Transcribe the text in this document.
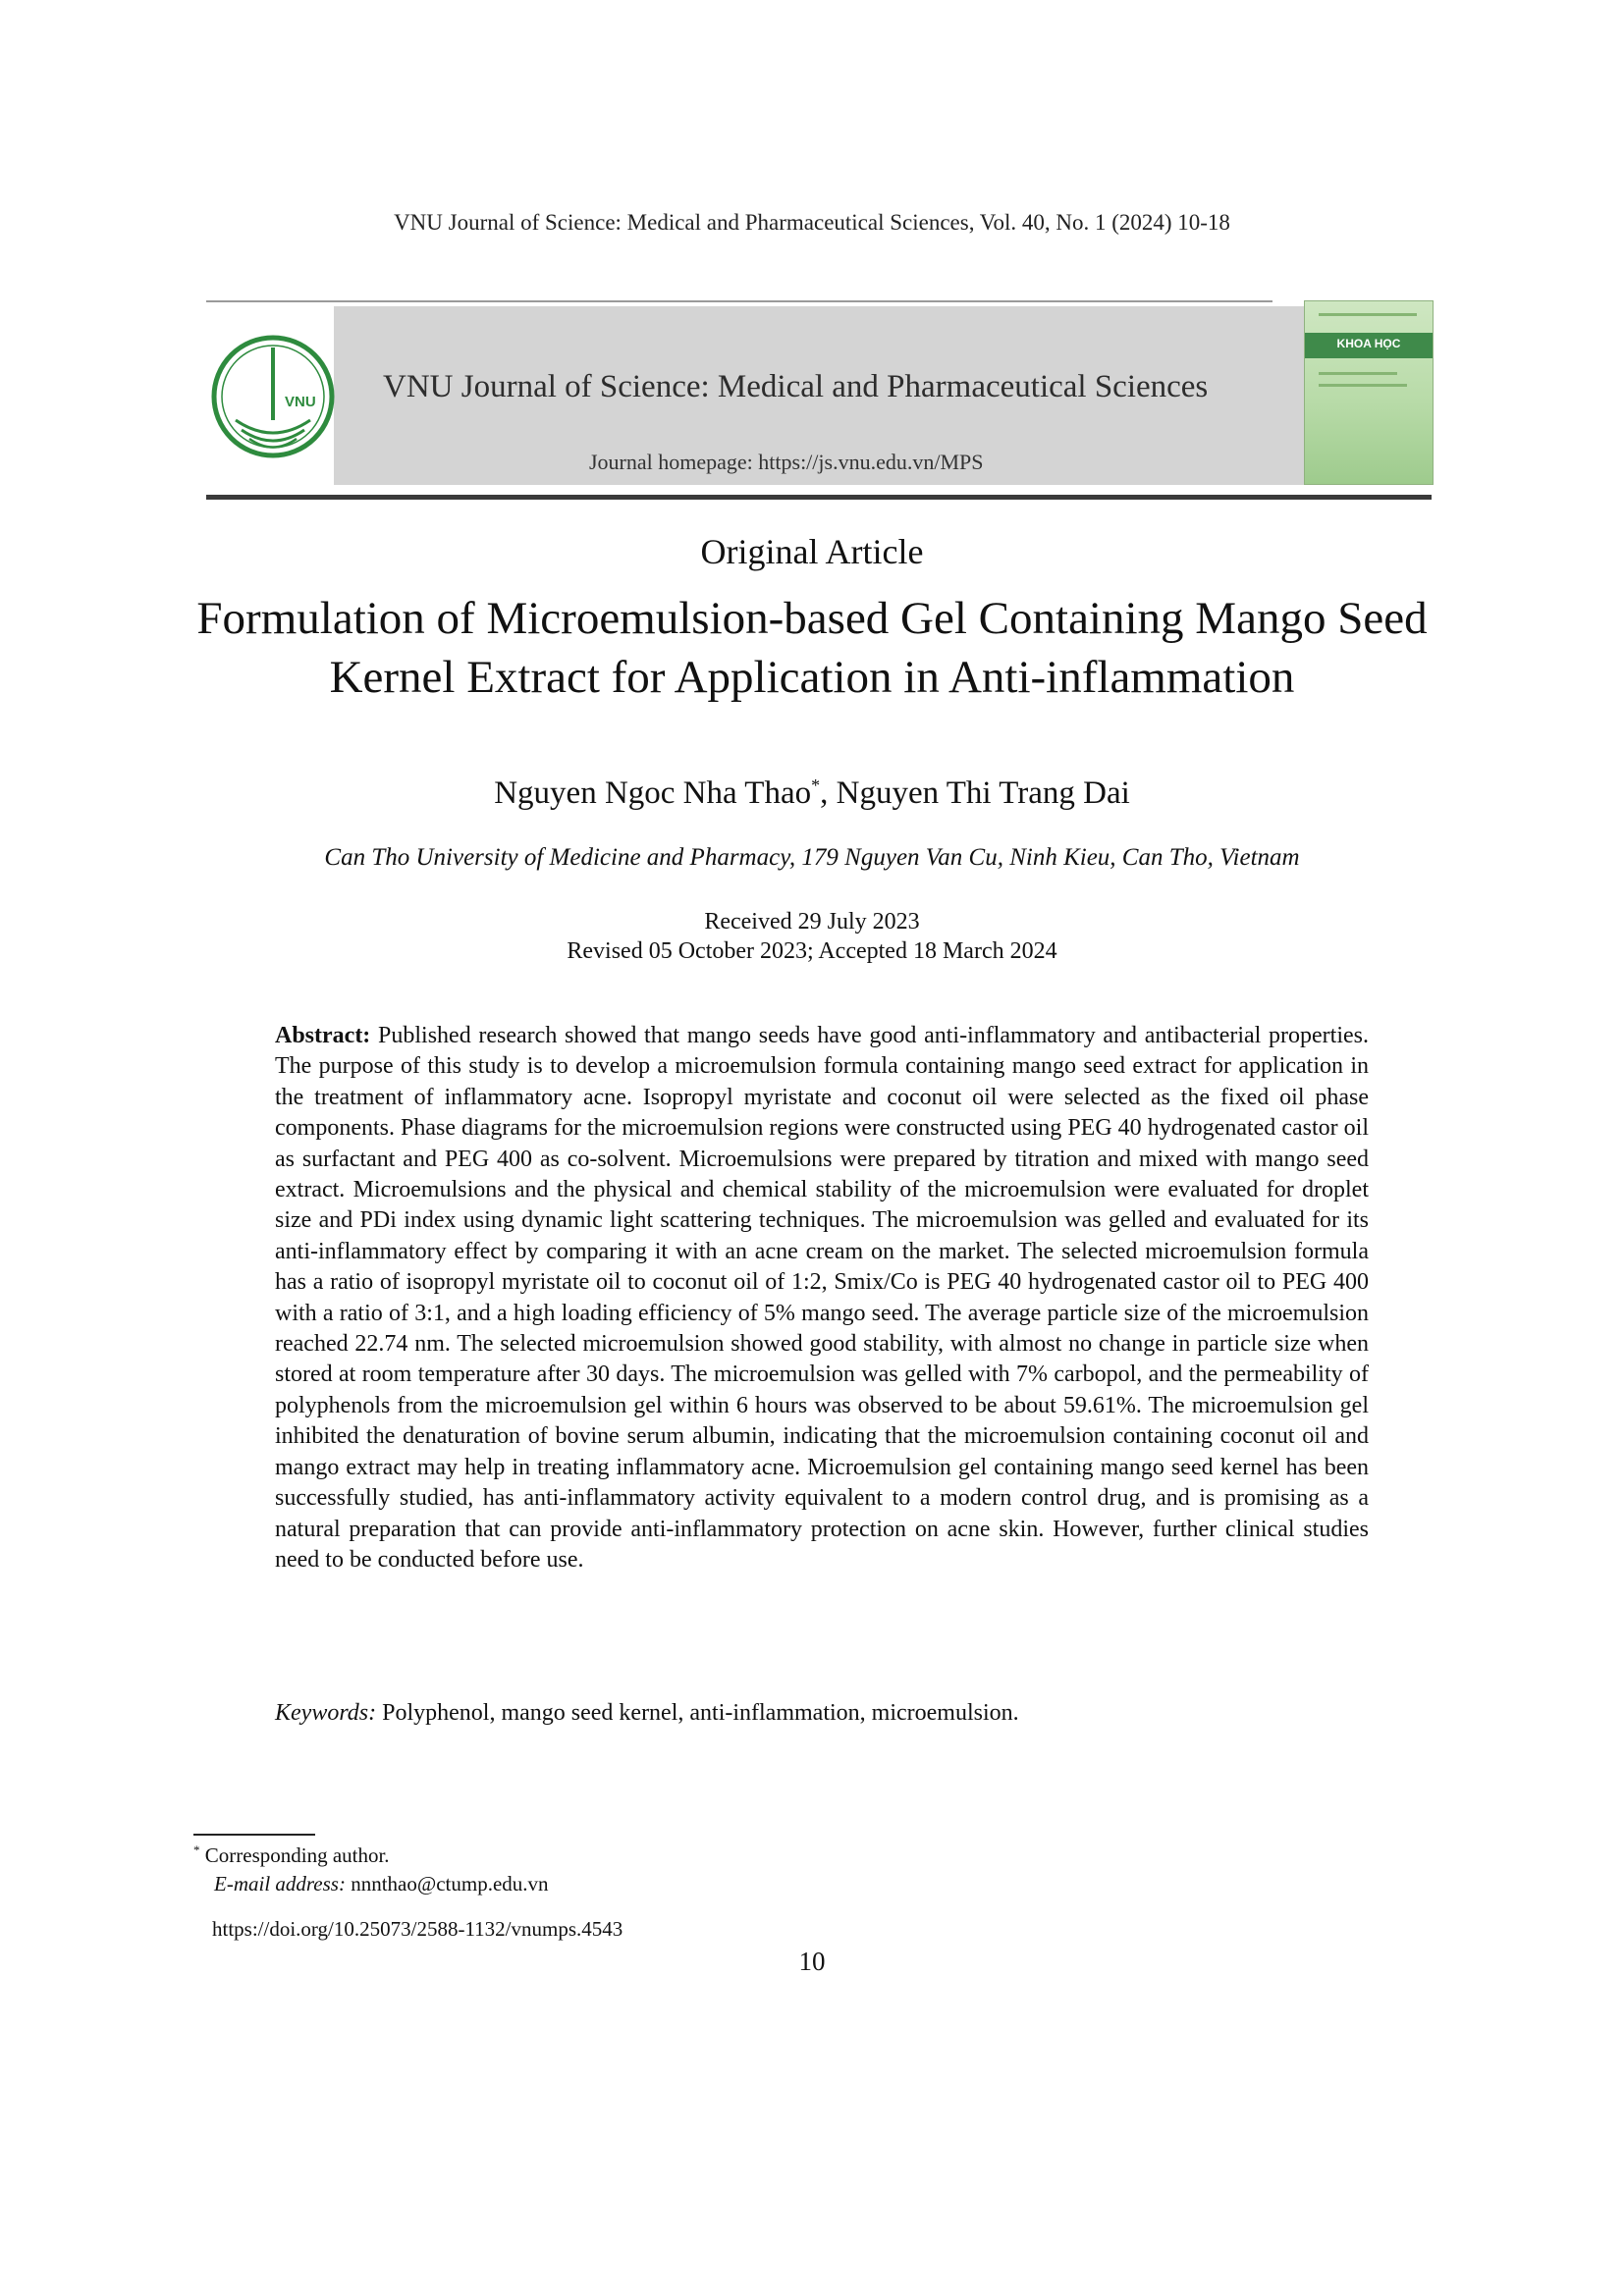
VNU Journal of Science: Medical and Pharmaceutical Sciences, Vol. 40, No. 1 (2024) 10-18
VNU VNU Journal of Science: Medical and Pharmaceutical Sciences
Journal homepage: https://js.vnu.edu.vn/MPS
KHOA HỌC
Original Article
Formulation of Microemulsion-based Gel Containing Mango Seed Kernel Extract for Application in Anti-inflammation
Nguyen Ngoc Nha Thao*, Nguyen Thi Trang Dai
Can Tho University of Medicine and Pharmacy, 179 Nguyen Van Cu, Ninh Kieu, Can Tho, Vietnam
Received 29 July 2023
Revised 05 October 2023; Accepted 18 March 2024
Abstract: Published research showed that mango seeds have good anti-inflammatory and antibacterial properties. The purpose of this study is to develop a microemulsion formula containing mango seed extract for application in the treatment of inflammatory acne. Isopropyl myristate and coconut oil were selected as the fixed oil phase components. Phase diagrams for the microemulsion regions were constructed using PEG 40 hydrogenated castor oil as surfactant and PEG 400 as co-solvent. Microemulsions were prepared by titration and mixed with mango seed extract. Microemulsions and the physical and chemical stability of the microemulsion were evaluated for droplet size and PDi index using dynamic light scattering techniques. The microemulsion was gelled and evaluated for its anti-inflammatory effect by comparing it with an acne cream on the market. The selected microemulsion formula has a ratio of isopropyl myristate oil to coconut oil of 1:2, Smix/Co is PEG 40 hydrogenated castor oil to PEG 400 with a ratio of 3:1, and a high loading efficiency of 5% mango seed. The average particle size of the microemulsion reached 22.74 nm. The selected microemulsion showed good stability, with almost no change in particle size when stored at room temperature after 30 days. The microemulsion was gelled with 7% carbopol, and the permeability of polyphenols from the microemulsion gel within 6 hours was observed to be about 59.61%. The microemulsion gel inhibited the denaturation of bovine serum albumin, indicating that the microemulsion containing coconut oil and mango extract may help in treating inflammatory acne. Microemulsion gel containing mango seed kernel has been successfully studied, has anti-inflammatory activity equivalent to a modern control drug, and is promising as a natural preparation that can provide anti-inflammatory protection on acne skin. However, further clinical studies need to be conducted before use.
Keywords: Polyphenol, mango seed kernel, anti-inflammation, microemulsion.
* Corresponding author.
E-mail address: nnnthao@ctump.edu.vn
https://doi.org/10.25073/2588-1132/vnumps.4543
10
